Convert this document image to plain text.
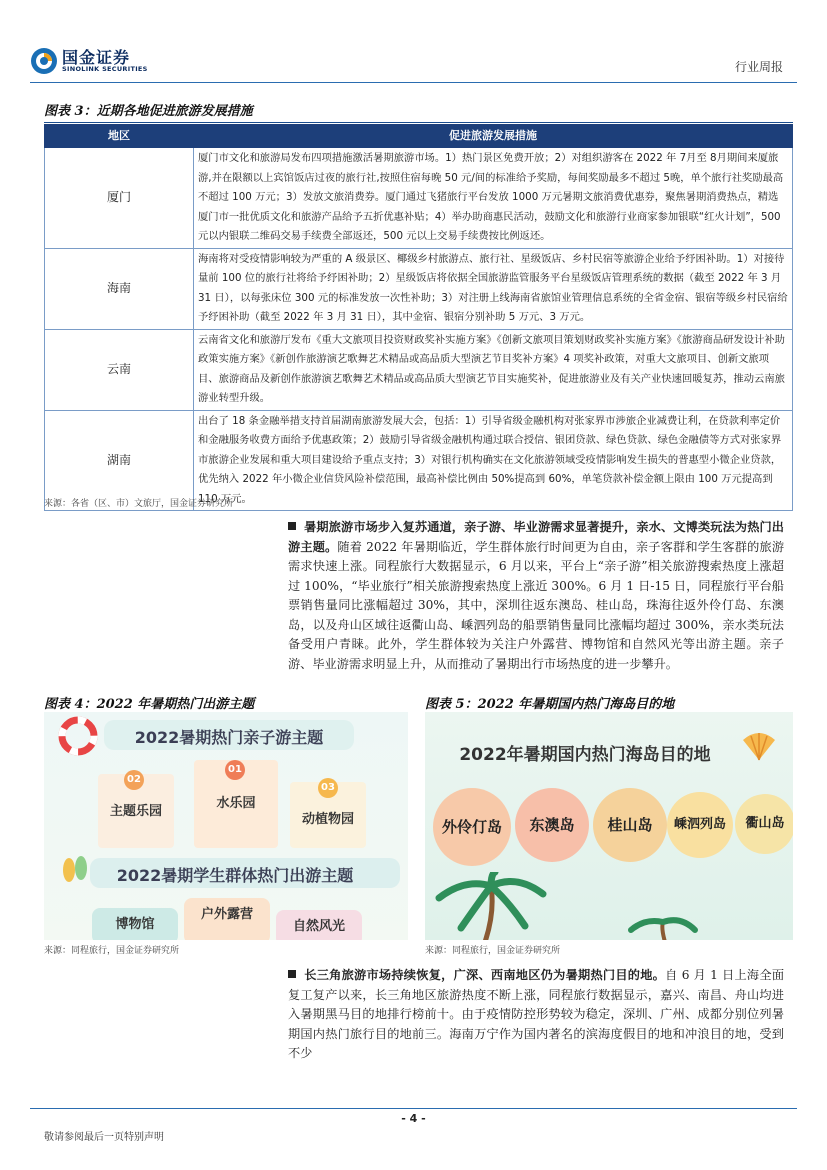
国金证券
SINOLINK SECURITIES	行业周报
图表 3：近期各地促进旅游发展措施
地区	促进旅游发展措施
厦门	厦门市文化和旅游局发布四项措施激活暑期旅游市场。1）热门景区免费开放；2）对组织游客在 2022 年 7月至 8月期间来厦旅游,并在限额以上宾馆饭店过夜的旅行社,按照住宿每晚 50 元/间的标准给予奖励，每间奖励最多不超过 5晚，单个旅行社奖励最高不超过 100 万元；3）发放文旅消费券。厦门通过飞猪旅行平台发放 1000 万元暑期文旅消费优惠券，聚焦暑期消费热点，精选厦门市一批优质文化和旅游产品给予五折优惠补贴；4）举办助商惠民活动，鼓励文化和旅游行业商家参加银联“红火计划”，500 元以内银联二维码交易手续费全部返还，500 元以上交易手续费按比例返还。
海南	海南将对受疫情影响较为严重的 A 级景区、椰级乡村旅游点、旅行社、星级饭店、乡村民宿等旅游企业给予纾困补助。1）对接待量前 100 位的旅行社将给予纾困补助；2）星级饭店将依据全国旅游监管服务平台星级饭店管理系统的数据（截至 2022 年 3 月 31 日），以每张床位 300 元的标准发放一次性补助；3）对注册上线海南省旅馆业管理信息系统的全省金宿、银宿等级乡村民宿给予纾困补助（截至 2022 年 3 月 31 日），其中金宿、银宿分别补助 5 万元、3 万元。
云南	云南省文化和旅游厅发布《重大文旅项目投资财政奖补实施方案》《创新文旅项目策划财政奖补实施方案》《旅游商品研发设计补助政策实施方案》《新创作旅游演艺歌舞艺术精品或高品质大型演艺节目奖补方案》4 项奖补政策，对重大文旅项目、创新文旅项目、旅游商品及新创作旅游演艺歌舞艺术精品或高品质大型演艺节目实施奖补，促进旅游业及有关产业快速回暖复苏，推动云南旅游业转型升级。
湖南	出台了 18 条金融举措支持首届湖南旅游发展大会，包括：1）引导省级金融机构对张家界市涉旅企业减费让利，在贷款利率定价和金融服务收费方面给予优惠政策；2）鼓励引导省级金融机构通过联合授信、银团贷款、绿色贷款、绿色金融债等方式对张家界市旅游企业发展和重大项目建设给予重点支持；3）对银行机构确实在文化旅游领域受疫情影响发生损失的普惠型小微企业贷款，优先纳入 2022 年小微企业信贷风险补偿范围，最高补偿比例由 50%提高到 60%，单笔贷款补偿金额上限由 100 万元提高到 110 万元。
来源：各省（区、市）文旅厅，国金证券研究所
暑期旅游市场步入复苏通道，亲子游、毕业游需求显著提升，亲水、文博类玩法为热门出游主题。随着 2022 年暑期临近，学生群体旅行时间更为自由，亲子客群和学生客群的旅游需求快速上涨。同程旅行大数据显示，6 月以来，平台上“亲子游”相关旅游搜索热度上涨超过 100%，“毕业旅行”相关旅游搜索热度上涨近 300%。6 月 1 日-15 日，同程旅行平台船票销售量同比涨幅超过 30%，其中，深圳往返东澳岛、桂山岛，珠海往返外伶仃岛、东澳岛，以及舟山区域往返衢山岛、嵊泗列岛的船票销售量同比涨幅均超过 300%，亲水类玩法备受用户青睐。此外，学生群体较为关注户外露营、博物馆和自然风光等出游主题。亲子游、毕业游需求明显上升，从而推动了暑期出行市场热度的进一步攀升。
图表 4：2022 年暑期热门出游主题
2022暑期热门亲子游主题
02
01
03
主题乐园
水乐园
动植物园
2022暑期学生群体热门出游主题
博物馆
户外露营
自然风光
来源：同程旅行，国金证券研究所
图表 5：2022 年暑期国内热门海岛目的地
2022年暑期国内热门海岛目的地
外伶仃岛	东澳岛	桂山岛	嵊泗列岛	衢山岛
来源：同程旅行，国金证券研究所
长三角旅游市场持续恢复，广深、西南地区仍为暑期热门目的地。自 6 月 1 日上海全面复工复产以来，长三角地区旅游热度不断上涨，同程旅行数据显示，嘉兴、南昌、舟山均进入暑期黑马目的地排行榜前十。由于疫情防控形势较为稳定，深圳、广州、成都分别位列暑期国内热门旅行目的地前三。海南万宁作为国内著名的滨海度假目的地和冲浪目的地，受到不少
- 4 -
敬请参阅最后一页特别声明
